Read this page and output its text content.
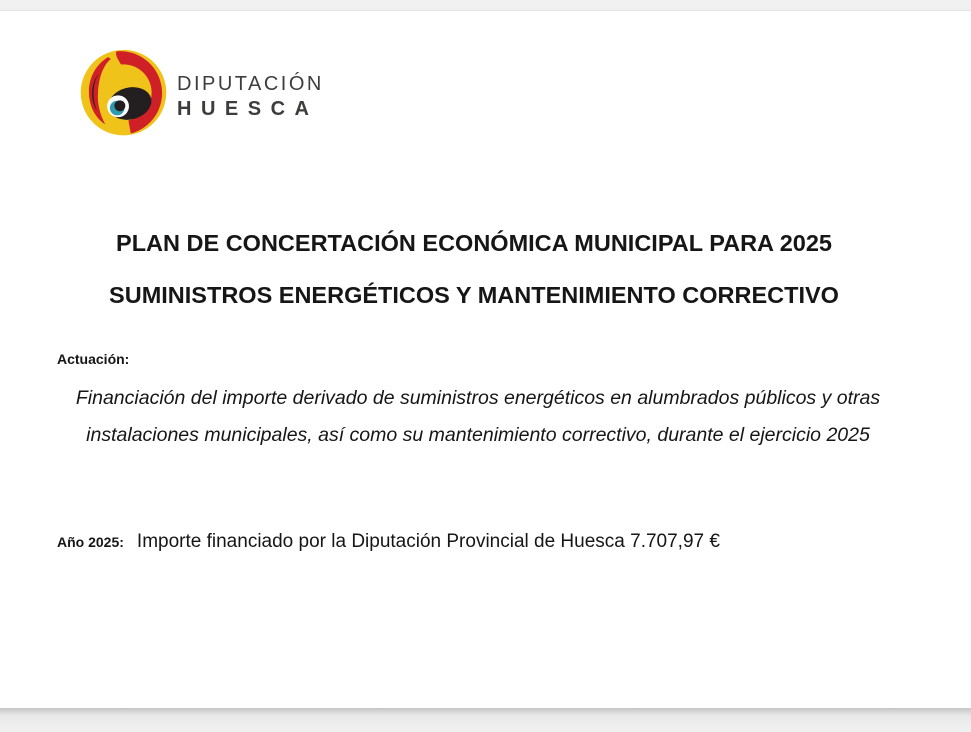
DIPUTACIÓN
HUESCA
PLAN DE CONCERTACIÓN ECONÓMICA MUNICIPAL PARA 2025
SUMINISTROS ENERGÉTICOS Y MANTENIMIENTO CORRECTIVO
Actuación:
Financiación del importe derivado de suministros energéticos en alumbrados públicos y otras instalaciones municipales, así como su mantenimiento correctivo, durante el ejercicio 2025
Año 2025: Importe financiado por la Diputación Provincial de Huesca 7.707,97 €
